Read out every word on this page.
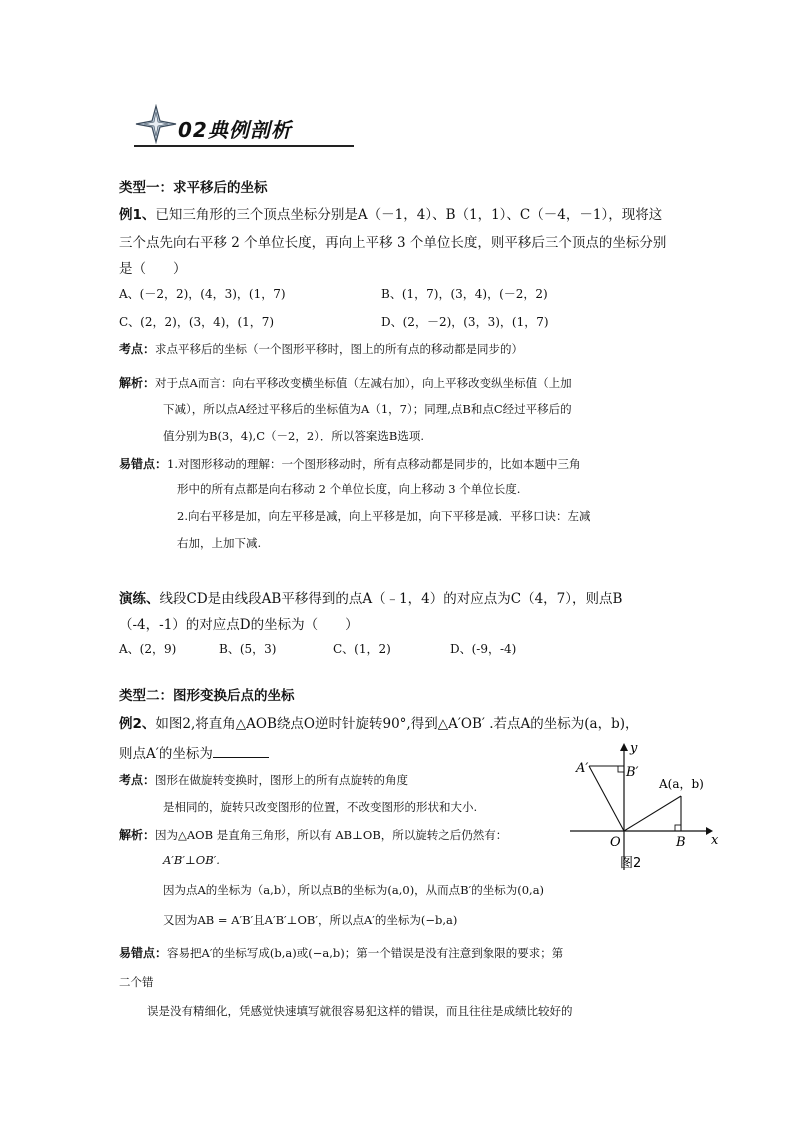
02典例剖析
类型一：求平移后的坐标
例1、已知三角形的三个顶点坐标分别是A（－1，4）、B（1，1）、C（－4，－1），现将这
三个点先向右平移 2 个单位长度，再向上平移 3 个单位长度，则平移后三个顶点的坐标分别
是（　　）
A、(－2，2)，(4，3)，(1，7)	B、(1，7)，(3，4)，(－2，2)
C、(2，2)，(3，4)，(1，7)	D、(2，－2)，(3，3)，(1，7)
考点：求点平移后的坐标（一个图形平移时，图上的所有点的移动都是同步的）
解析：对于点A而言：向右平移改变横坐标值（左减右加），向上平移改变纵坐标值（上加
下减），所以点A经过平移后的坐标值为A（1，7）；同理,点B和点C经过平移后的
值分别为B(3，4),C（－2，2）．所以答案选B选项.
易错点：1.对图形移动的理解：一个图形移动时，所有点移动都是同步的，比如本题中三角
形中的所有点都是向右移动 2 个单位长度，向上移动 3 个单位长度.
2.向右平移是加，向左平移是减，向上平移是加，向下平移是减．平移口诀：左减
右加，上加下减.
演练、线段CD是由线段AB平移得到的点A（﹣1，4）的对应点为C（4，7），则点B
（-4，-1）的对应点D的坐标为（　　）
A、(2，9)	B、(5，3)	C、(1，2)	D、(-9，-4)
类型二：图形变换后点的坐标
例2、如图2,将直角△AOB绕点O逆时针旋转90°,得到△A′OB′ .若点A的坐标为(a，b)，
则点A′的坐标为
考点：图形在做旋转变换时，图形上的所有点旋转的角度
是相同的，旋转只改变图形的位置，不改变图形的形状和大小.
解析：因为△AOB 是直角三角形，所以有 AB⊥OB，所以旋转之后仍然有：
A′B′⊥OB′.
因为点A的坐标为（a,b），所以点B的坐标为(a,0)，从而点B′的坐标为(0,a)
又因为AB = A′B′且A′B′⊥OB′，所以点A′的坐标为(−b,a)
易错点：容易把A′的坐标写成(b,a)或(−a,b)；第一个错误是没有注意到象限的要求；第
二个错
误是没有精细化，凭感觉快速填写就很容易犯这样的错误，而且往往是成绩比较好的
y
x
O
A′	B′
A(a，b)
B
图2
